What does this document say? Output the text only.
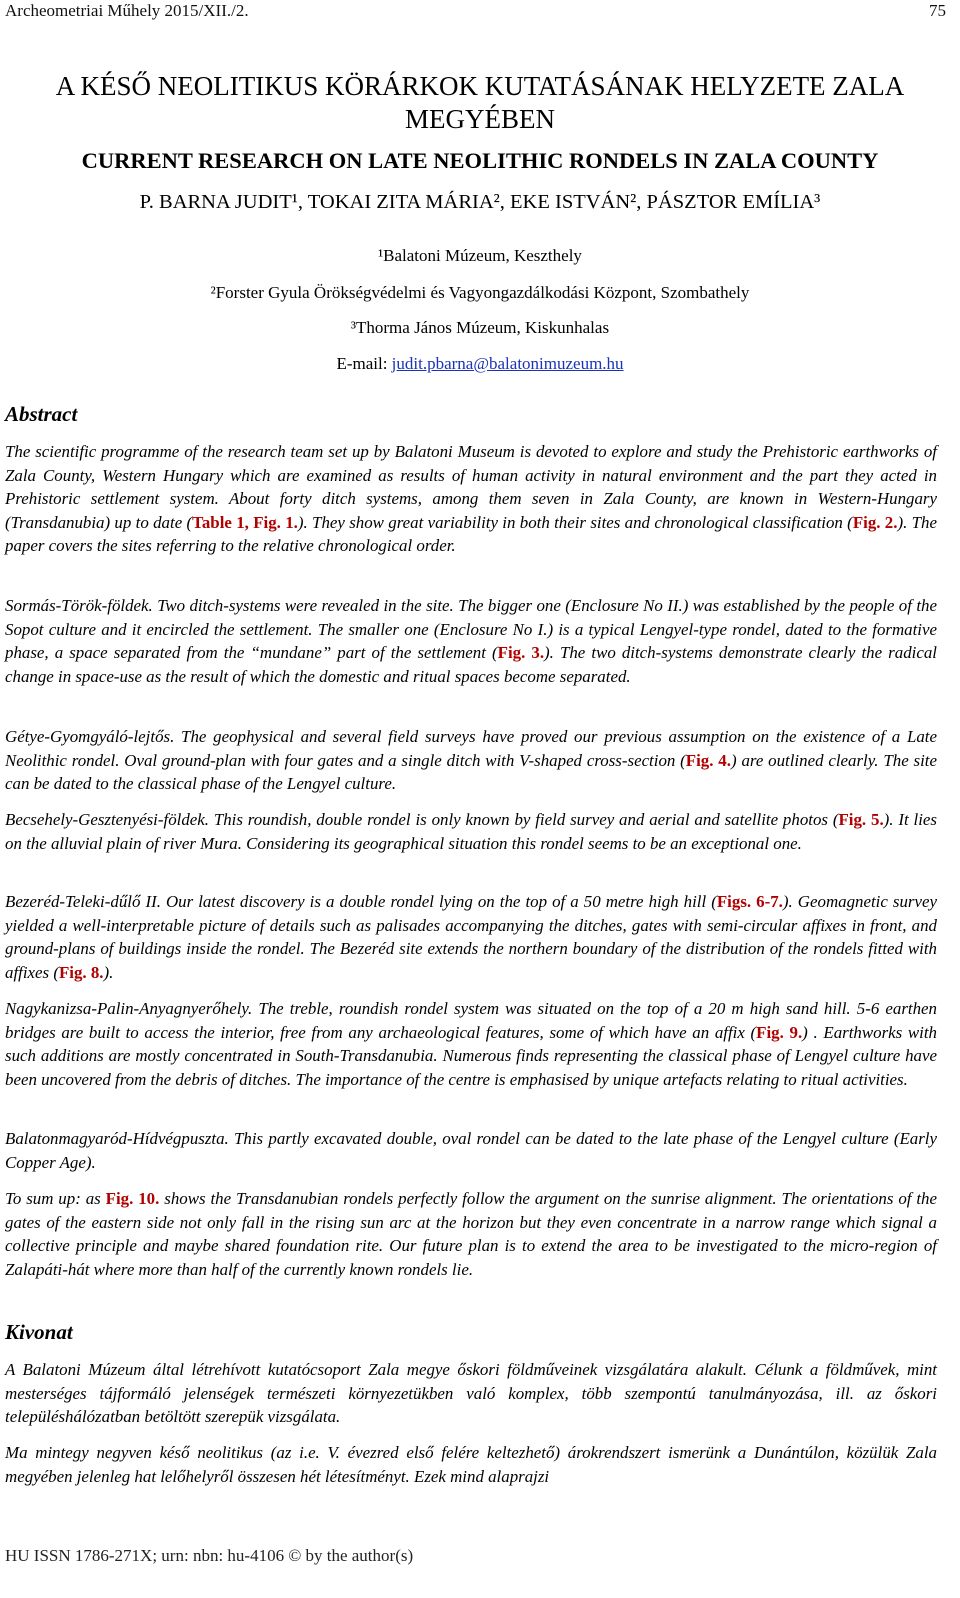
Archeometriai Műhely 2015/XII./2.	75
A KÉSŐ NEOLITIKUS KÖRÁRKOK KUTATÁSÁNAK HELYZETE ZALA MEGYÉBEN
CURRENT RESEARCH ON LATE NEOLITHIC RONDELS IN ZALA COUNTY
P. BARNA JUDIT¹, TOKAI ZITA MÁRIA², EKE ISTVÁN², PÁSZTOR EMÍLIA³
¹Balatoni Múzeum, Keszthely
²Forster Gyula Örökségvédelmi és Vagyongazdálkodási Központ, Szombathely
³Thorma János Múzeum, Kiskunhalas
E-mail: judit.pbarna@balatonimuzeum.hu
Abstract

The scientific programme of the research team set up by Balatoni Museum is devoted to explore and study the Prehistoric earthworks of Zala County, Western Hungary which are examined as results of human activity in natural environment and the part they acted in Prehistoric settlement system. About forty ditch systems, among them seven in Zala County, are known in Western-Hungary (Transdanubia) up to date (Table 1, Fig. 1.). They show great variability in both their sites and chronological classification (Fig. 2.). The paper covers the sites referring to the relative chronological order.

Sormás-Török-földek. Two ditch-systems were revealed in the site. The bigger one (Enclosure No II.) was established by the people of the Sopot culture and it encircled the settlement. The smaller one (Enclosure No I.) is a typical Lengyel-type rondel, dated to the formative phase, a space separated from the “mundane” part of the settlement (Fig. 3.). The two ditch-systems demonstrate clearly the radical change in space-use as the result of which the domestic and ritual spaces become separated.

Gétye-Gyomgyáló-lejtős. The geophysical and several field surveys have proved our previous assumption on the existence of a Late Neolithic rondel. Oval ground-plan with four gates and a single ditch with V-shaped cross-section (Fig. 4.) are outlined clearly. The site can be dated to the classical phase of the Lengyel culture.

Becsehely-Gesztenyési-földek. This roundish, double rondel is only known by field survey and aerial and satellite photos (Fig. 5.). It lies on the alluvial plain of river Mura. Considering its geographical situation this rondel seems to be an exceptional one.

Bezeréd-Teleki-dűlő II. Our latest discovery is a double rondel lying on the top of a 50 metre high hill (Figs. 6-7.). Geomagnetic survey yielded a well-interpretable picture of details such as palisades accompanying the ditches, gates with semi-circular affixes in front, and ground-plans of buildings inside the rondel. The Bezeréd site extends the northern boundary of the distribution of the rondels fitted with affixes (Fig. 8.).

Nagykanizsa-Palin-Anyagnyerőhely. The treble, roundish rondel system was situated on the top of a 20 m high sand hill. 5-6 earthen bridges are built to access the interior, free from any archaeological features, some of which have an affix (Fig. 9.) . Earthworks with such additions are mostly concentrated in South-Transdanubia. Numerous finds representing the classical phase of Lengyel culture have been uncovered from the debris of ditches. The importance of the centre is emphasised by unique artefacts relating to ritual activities.

Balatonmagyaród-Hídvégpuszta. This partly excavated double, oval rondel can be dated to the late phase of the Lengyel culture (Early Copper Age).

To sum up: as Fig. 10. shows the Transdanubian rondels perfectly follow the argument on the sunrise alignment. The orientations of the gates of the eastern side not only fall in the rising sun arc at the horizon but they even concentrate in a narrow range which signal a collective principle and maybe shared foundation rite. Our future plan is to extend the area to be investigated to the micro-region of Zalapáti-hát where more than half of the currently known rondels lie.

Kivonat

A Balatoni Múzeum által létrehívott kutatócsoport Zala megye őskori földműveinek vizsgálatára alakult. Célunk a földművek, mint mesterséges tájformáló jelenségek természeti környezetükben való komplex, több szempontú tanulmányozása, ill. az őskori településhálózatban betöltött szerepük vizsgálata.

Ma mintegy negyven késő neolitikus (az i.e. V. évezred első felére keltezhető) árokrendszert ismerünk a Dunántúlon, közülük Zala megyében jelenleg hat lelőhelyről összesen hét létesítményt. Ezek mind alaprajzi

HU ISSN 1786-271X; urn: nbn: hu-4106 © by the author(s)
